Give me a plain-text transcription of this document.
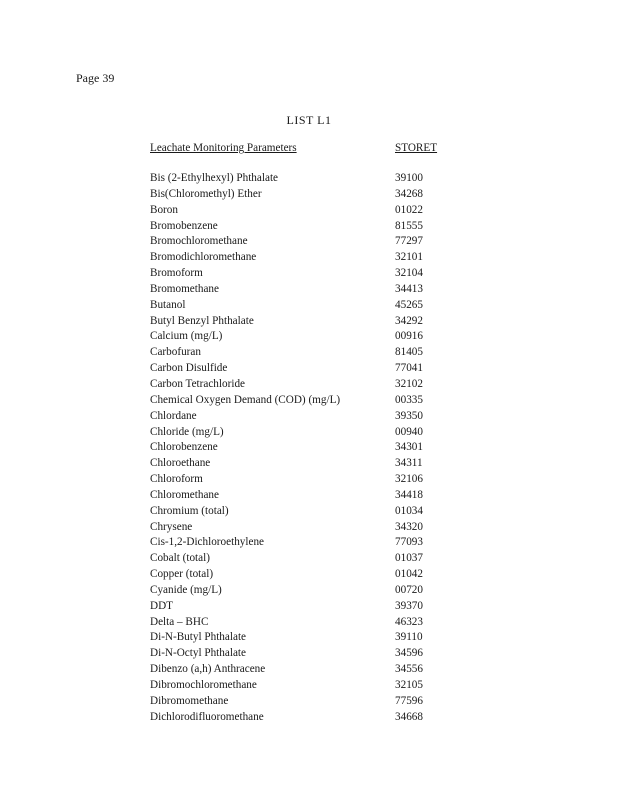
Page 39
LIST L1
Leachate Monitoring Parameters	STORET
Bis (2-Ethylhexyl) Phthalate	39100
Bis(Chloromethyl) Ether	34268
Boron	01022
Bromobenzene	81555
Bromochloromethane	77297
Bromodichloromethane	32101
Bromoform	32104
Bromomethane	34413
Butanol	45265
Butyl Benzyl Phthalate	34292
Calcium (mg/L)	00916
Carbofuran	81405
Carbon Disulfide	77041
Carbon Tetrachloride	32102
Chemical Oxygen Demand (COD) (mg/L)	00335
Chlordane	39350
Chloride (mg/L)	00940
Chlorobenzene	34301
Chloroethane	34311
Chloroform	32106
Chloromethane	34418
Chromium (total)	01034
Chrysene	34320
Cis-1,2-Dichloroethylene	77093
Cobalt (total)	01037
Copper (total)	01042
Cyanide (mg/L)	00720
DDT	39370
Delta – BHC	46323
Di-N-Butyl Phthalate	39110
Di-N-Octyl Phthalate	34596
Dibenzo (a,h) Anthracene	34556
Dibromochloromethane	32105
Dibromomethane	77596
Dichlorodifluoromethane	34668
